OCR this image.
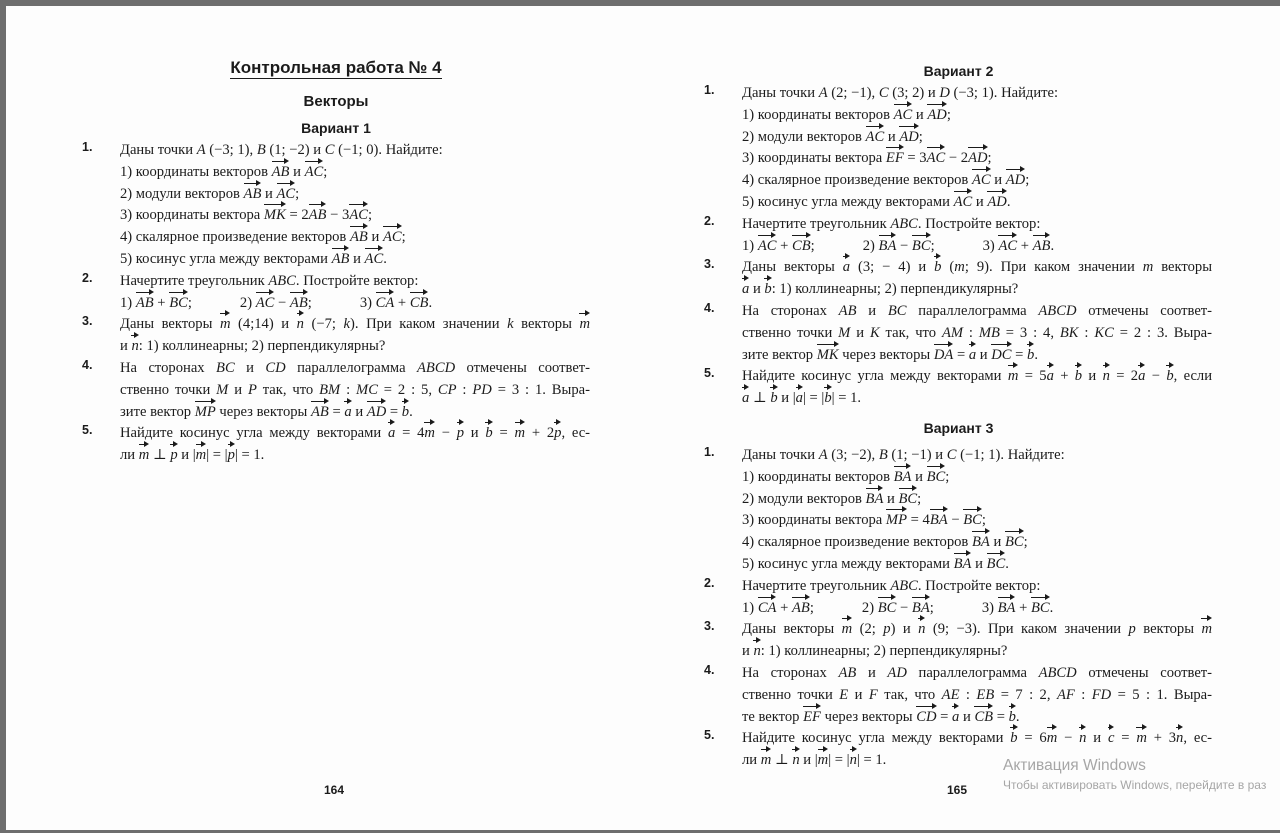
Контрольная работа № 4
Векторы
Вариант 1
1. Даны точки A (−3; 1), B (1; −2) и C (−1; 0). Найдите:
1) координаты векторов AB и AC;
2) модули векторов AB и AC;
3) координаты вектора MK = 2AB − 3AC;
4) скалярное произведение векторов AB и AC;
5) косинус угла между векторами AB и AC.
2. Начертите треугольник ABC. Постройте вектор:
1) AB + BC;	2) AC − AB;	3) CA + CB.
3. Даны векторы m (4;14) и n (−7; k). При каком значении k векторы m
и n: 1) коллинеарны; 2) перпендикулярны?
4. На сторонах BC и CD параллелограмма ABCD отмечены соответ-
ственно точки M и P так, что BM : MC = 2 : 5, CP : PD = 3 : 1. Выра-
зите вектор MP через векторы AB = a и AD = b.
5. Найдите косинус угла между векторами a = 4m − p и b = m + 2p, ес-
ли m ⊥ p и |m| = |p| = 1.

164

Вариант 2
1. Даны точки A (2; −1), C (3; 2) и D (−3; 1). Найдите:
1) координаты векторов AC и AD;
2) модули векторов AC и AD;
3) координаты вектора EF = 3AC − 2AD;
4) скалярное произведение векторов AC и AD;
5) косинус угла между векторами AC и AD.
2. Начертите треугольник ABC. Постройте вектор:
1) AC + CB;	2) BA − BC;	3) AC + AB.
3. Даны векторы a (3; − 4) и b (m; 9). При каком значении m векторы
a и b: 1) коллинеарны; 2) перпендикулярны?
4. На сторонах AB и BC параллелограмма ABCD отмечены соответ-
ственно точки M и K так, что AM : MB = 3 : 4, BK : KC = 2 : 3. Выра-
зите вектор MK через векторы DA = a и DC = b.
5. Найдите косинус угла между векторами m = 5a + b и n = 2a − b, если
a ⊥ b и |a| = |b| = 1.
Вариант 3
1. Даны точки A (3; −2), B (1; −1) и C (−1; 1). Найдите:
1) координаты векторов BA и BC;
2) модули векторов BA и BC;
3) координаты вектора MP = 4BA − BC;
4) скалярное произведение векторов BA и BC;
5) косинус угла между векторами BA и BC.
2. Начертите треугольник ABC. Постройте вектор:
1) CA + AB;	2) BC − BA;	3) BA + BC.
3. Даны векторы m (2; p) и n (9; −3). При каком значении p векторы m
и n: 1) коллинеарны; 2) перпендикулярны?
4. На сторонах AB и AD параллелограмма ABCD отмечены соответ-
ственно точки E и F так, что AE : EB = 7 : 2, AF : FD = 5 : 1. Выра-
те вектор EF через векторы CD = a и CB = b.
5. Найдите косинус угла между векторами b = 6m − n и c = m + 3n, ес-
ли m ⊥ n и |m| = |n| = 1.

165

Активация Windows
Чтобы активировать Windows, перейдите в раз
